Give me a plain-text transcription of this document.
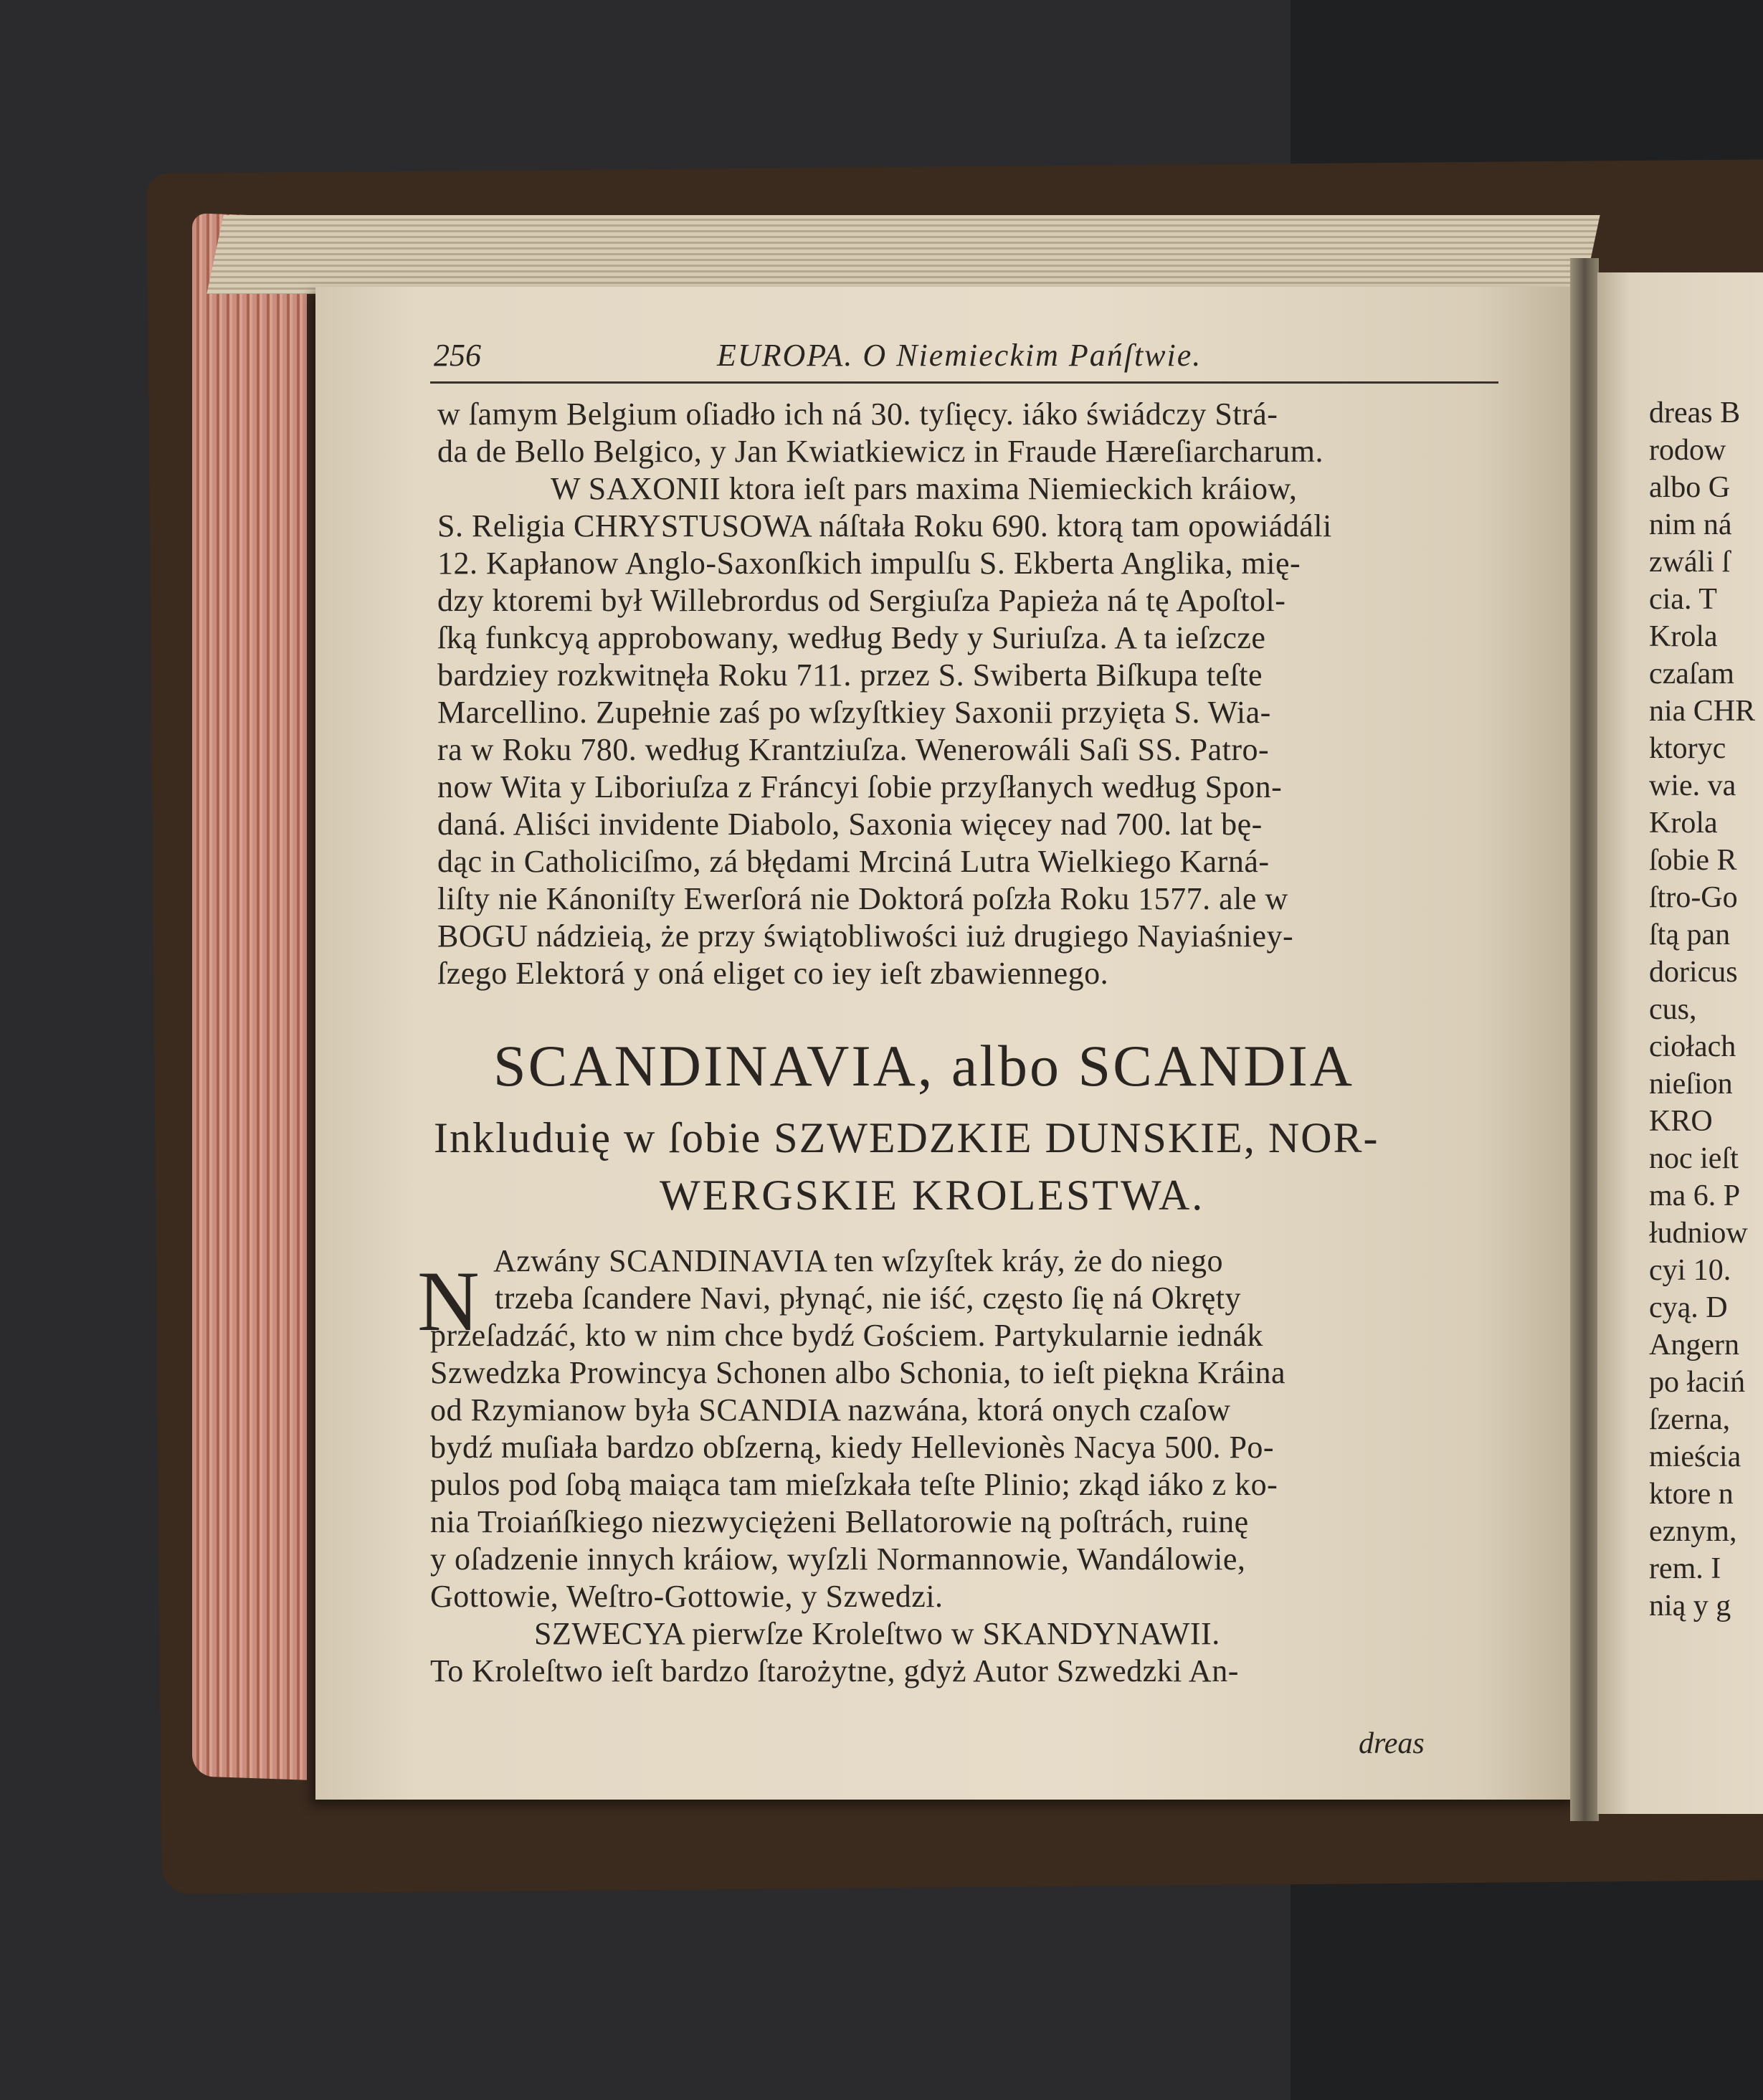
256	EUROPA. O Niemieckim Pańſtwie.
w ſamym Belgium oſiadło ich ná 30. tyſięcy. iáko świádczy Strá-
da de Bello Belgico, y Jan Kwiatkiewicz in Fraude Hæreſiarcharum.
W SAXONII ktora ieſt pars maxima Niemieckich kráiow,
S. Religia CHRYSTUSOWA náſtała Roku 690. ktorą tam opowiádáli
12. Kapłanow Anglo-Saxonſkich impulſu S. Ekberta Anglika, mię-
dzy ktoremi był Willebrordus od Sergiuſza Papieża ná tę Apoſtol-
ſką funkcyą approbowany, według Bedy y Suriuſza. A ta ieſzcze
bardziey rozkwitnęła Roku 711. przez S. Swiberta Biſkupa teſte
Marcellino. Zupełnie zaś po wſzyſtkiey Saxonii przyięta S. Wia-
ra w Roku 780. według Krantziuſza. Wenerowáli Saſi SS. Patro-
now Wita y Liboriuſza z Fráncyi ſobie przyſłanych według Spon-
daná. Aliści invidente Diabolo, Saxonia więcey nad 700. lat bę-
dąc in Catholiciſmo, zá błędami Mrciná Lutra Wielkiego Karná-
liſty nie Kánoniſty Ewerſorá nie Doktorá poſzła Roku 1577. ale w
BOGU nádzieią, że przy świątobliwości iuż drugiego Nayiaśniey-
ſzego Elektorá y oná eliget co iey ieſt zbawiennego.
SCANDINAVIA, albo SCANDIA
Inkluduię w ſobie SZWEDZKIE DUNSKIE, NOR-
WERGSKIE KROLESTWA.
N Azwány SCANDINAVIA ten wſzyſtek kráy, że do niego
trzeba ſcandere Navi, płynąć, nie iść, często ſię ná Okręty
przeſadzáć, kto w nim chce bydź Gościem. Partykularnie iednák
Szwedzka Prowincya Schonen albo Schonia, to ieſt piękna Kráina
od Rzymianow była SCANDIA nazwána, ktorá onych czaſow
bydź muſiała bardzo obſzerną, kiedy Hellevionès Nacya 500. Po-
pulos pod ſobą maiąca tam mieſzkała teſte Plinio; zkąd iáko z ko-
nia Troiańſkiego niezwyciężeni Bellatorowie ną poſtrách, ruinę
y oſadzenie innych kráiow, wyſzli Normannowie, Wandálowie,
Gottowie, Weſtro-Gottowie, y Szwedzi.
SZWECYA pierwſze Kroleſtwo w SKANDYNAWII.
To Kroleſtwo ieſt bardzo ſtarożytne, gdyż Autor Szwedzki An-
dreas
dreas B
rodow
albo G
nim ná
zwáli ſ
cia. T
Krola
czaſam
nia CHR
ktoryc
wie. va
Krola
ſobie R
ſtro-Go
ſtą pan
doricus
cus,
ciołach
nieſion
KRO
noc ieſt
ma 6. P
łudniow
cyi 10.
cyą. D
Angern
po łaciń
ſzerna,
mieścia
ktore n
eznym,
rem. I
nią y g
